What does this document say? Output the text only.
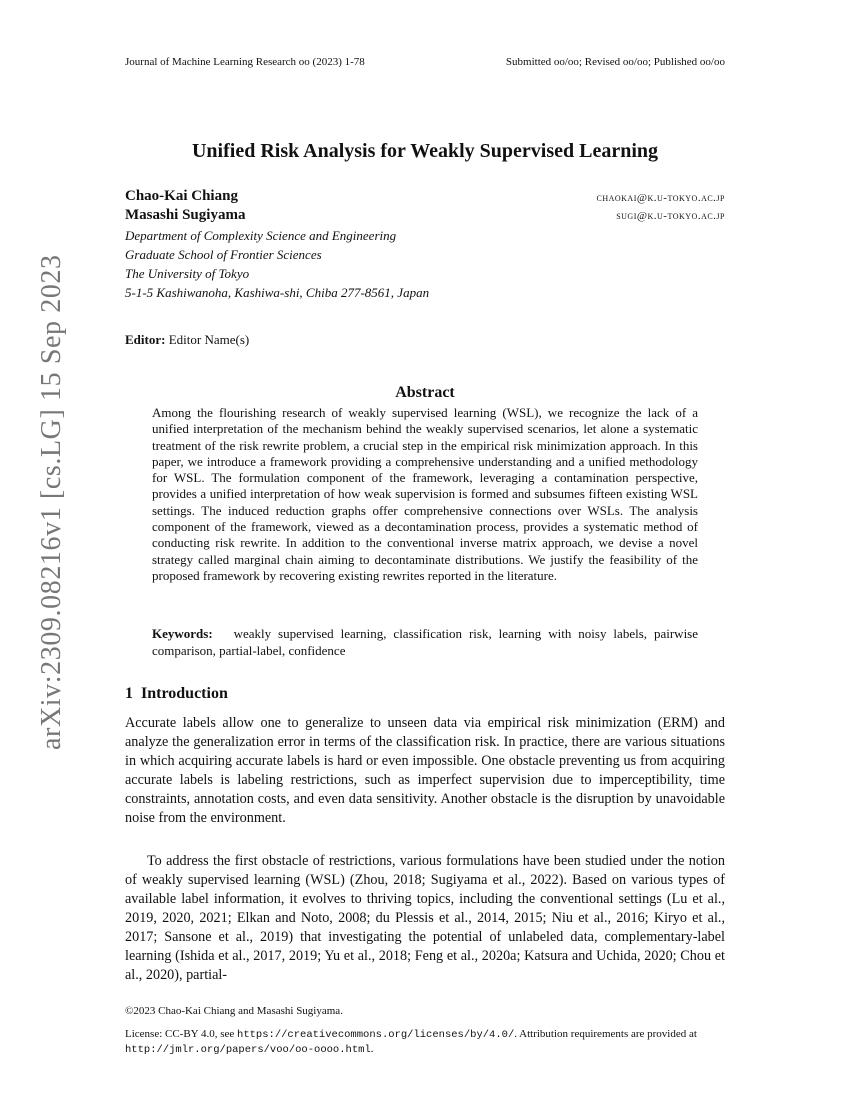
Journal of Machine Learning Research oo (2023) 1-78	Submitted oo/oo; Revised oo/oo; Published oo/oo
arXiv:2309.08216v1 [cs.LG] 15 Sep 2023
Unified Risk Analysis for Weakly Supervised Learning
Chao-Kai Chiang	chaokai@k.u-tokyo.ac.jp
Masashi Sugiyama	sugi@k.u-tokyo.ac.jp
Department of Complexity Science and Engineering
Graduate School of Frontier Sciences
The University of Tokyo
5-1-5 Kashiwanoha, Kashiwa-shi, Chiba 277-8561, Japan
Editor: Editor Name(s)
Abstract
Among the flourishing research of weakly supervised learning (WSL), we recognize the lack of a unified interpretation of the mechanism behind the weakly supervised scenarios, let alone a systematic treatment of the risk rewrite problem, a crucial step in the empirical risk minimization approach. In this paper, we introduce a framework providing a comprehensive understanding and a unified methodology for WSL. The formulation component of the framework, leveraging a contamination perspective, provides a unified interpretation of how weak supervision is formed and subsumes fifteen existing WSL settings. The induced reduction graphs offer comprehensive connections over WSLs. The analysis component of the framework, viewed as a decontamination process, provides a systematic method of conducting risk rewrite. In addition to the conventional inverse matrix approach, we devise a novel strategy called marginal chain aiming to decontaminate distributions. We justify the feasibility of the proposed framework by recovering existing rewrites reported in the literature.
Keywords: weakly supervised learning, classification risk, learning with noisy labels, pairwise comparison, partial-label, confidence
1 Introduction
Accurate labels allow one to generalize to unseen data via empirical risk minimization (ERM) and analyze the generalization error in terms of the classification risk. In practice, there are various situations in which acquiring accurate labels is hard or even impossible. One obstacle preventing us from acquiring accurate labels is labeling restrictions, such as imperfect supervision due to imperceptibility, time constraints, annotation costs, and even data sensitivity. Another obstacle is the disruption by unavoidable noise from the environment.
To address the first obstacle of restrictions, various formulations have been studied under the notion of weakly supervised learning (WSL) (Zhou, 2018; Sugiyama et al., 2022). Based on various types of available label information, it evolves to thriving topics, including the conventional settings (Lu et al., 2019, 2020, 2021; Elkan and Noto, 2008; du Plessis et al., 2014, 2015; Niu et al., 2016; Kiryo et al., 2017; Sansone et al., 2019) that investigating the potential of unlabeled data, complementary-label learning (Ishida et al., 2017, 2019; Yu et al., 2018; Feng et al., 2020a; Katsura and Uchida, 2020; Chou et al., 2020), partial-
©2023 Chao-Kai Chiang and Masashi Sugiyama.
License: CC-BY 4.0, see https://creativecommons.org/licenses/by/4.0/. Attribution requirements are provided at http://jmlr.org/papers/voo/oo-oooo.html.
